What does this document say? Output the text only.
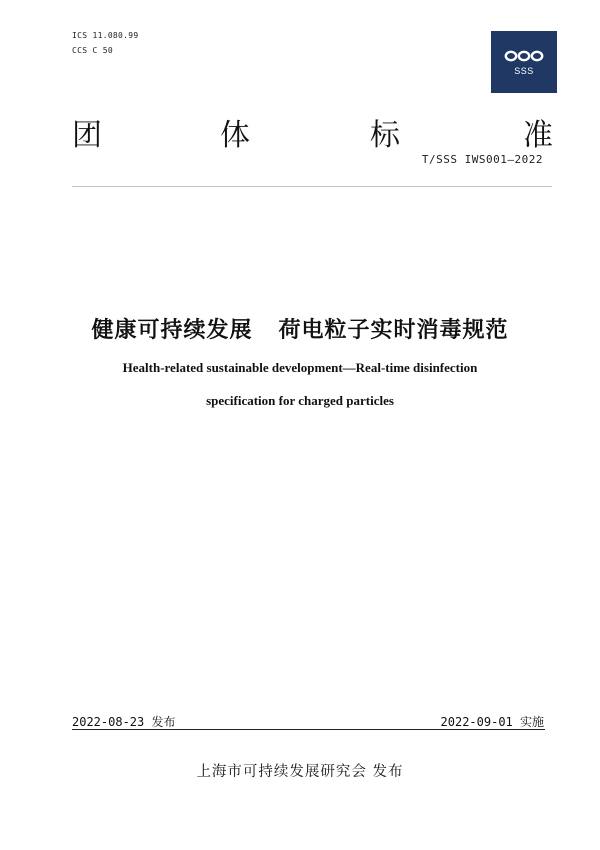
ICS 11.080.99
CCS C 50
SSS
团	体	标	准
T/SSS IWS001—2022
健康可持续发展 荷电粒子实时消毒规范
Health-related sustainable development—Real-time disinfection
specification for charged particles
2022-08-23 发布	2022-09-01 实施
上海市可持续发展研究会 发布
